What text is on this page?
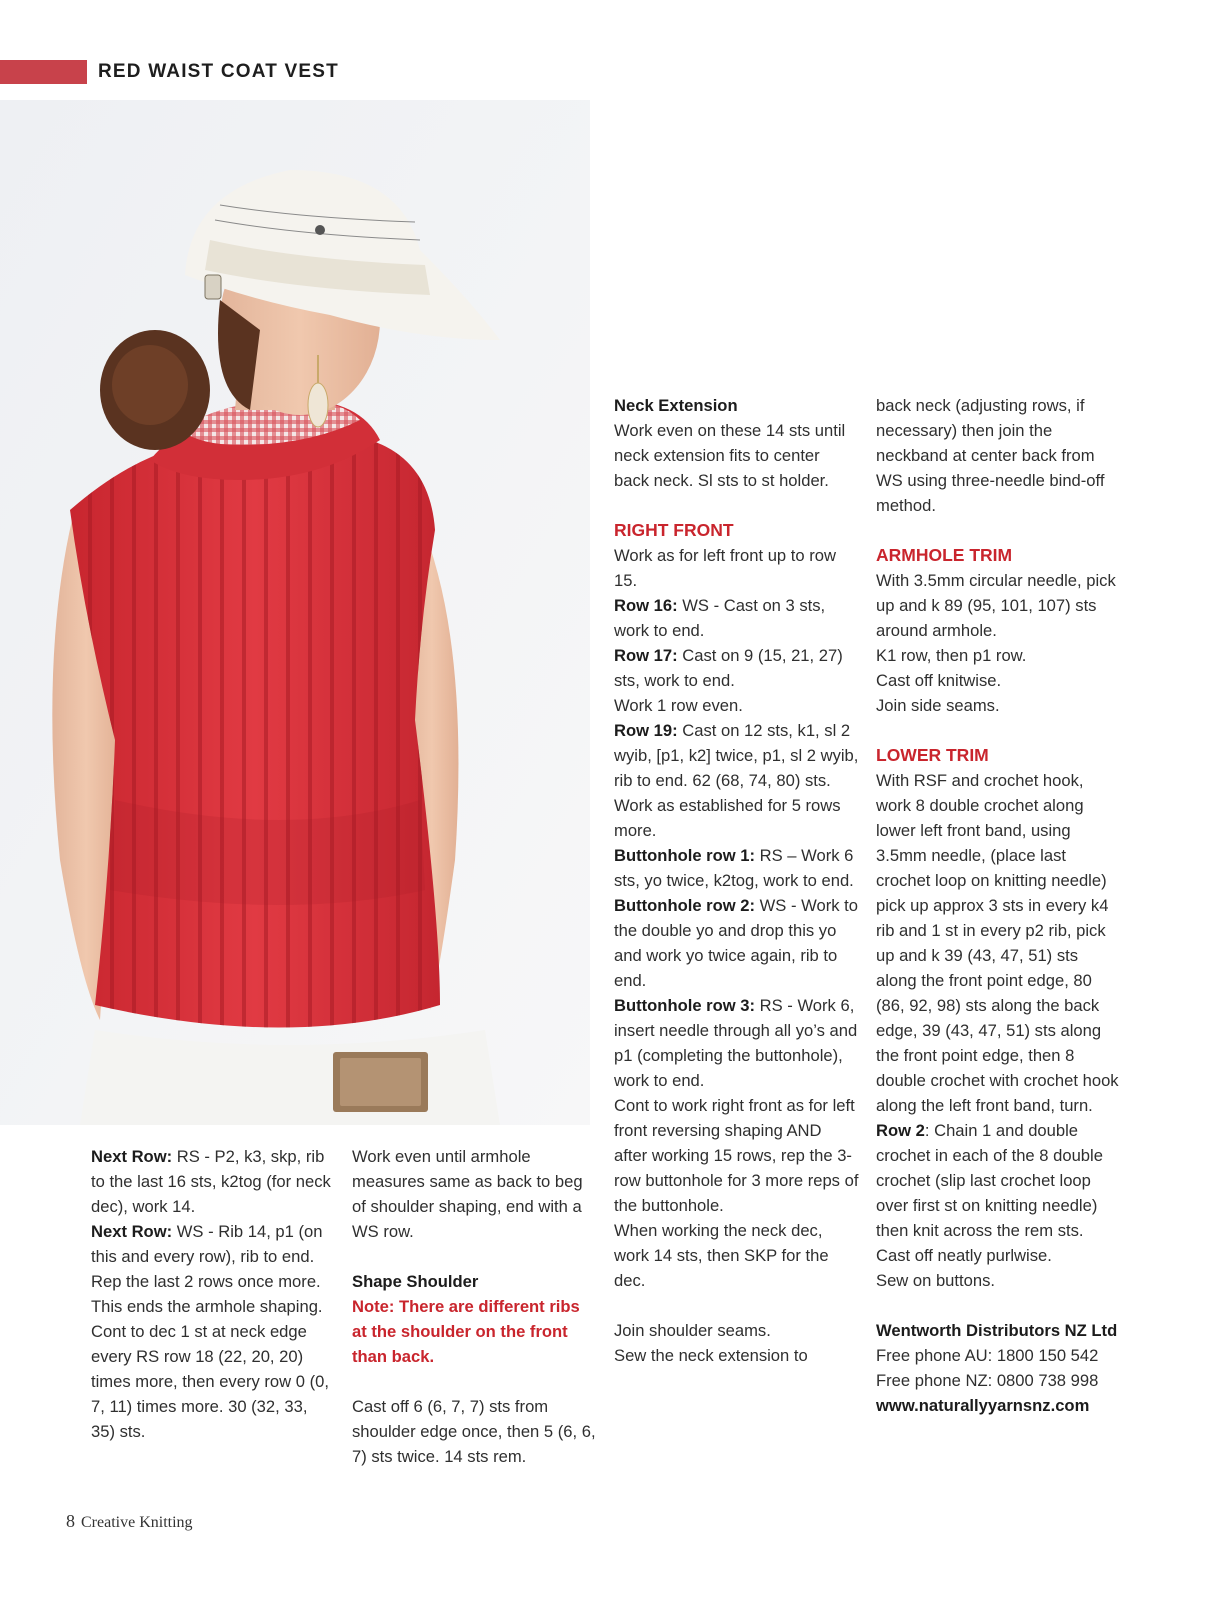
RED WAIST COAT VEST

Next Row: RS - P2, k3, skp, rib to the last 16 sts, k2tog (for neck dec), work 14.

Next Row: WS - Rib 14, p1 (on this and every row), rib to end.

Rep the last 2 rows once more. This ends the armhole shaping.

Cont to dec 1 st at neck edge every RS row 18 (22, 20, 20) times more, then every row 0 (0, 7, 11) times more. 30 (32, 33, 35) sts.

Work even until armhole measures same as back to beg of shoulder shaping, end with a WS row.

Shape Shoulder

Note: There are different ribs at the shoulder on the front than back.

Cast off 6 (6, 7, 7) sts from shoulder edge once, then 5 (6, 6, 7) sts twice. 14 sts rem.

Neck Extension

Work even on these 14 sts until neck extension fits to center back neck. Sl sts to st holder.

RIGHT FRONT

Work as for left front up to row 15.

Row 16: WS - Cast on 3 sts, work to end.

Row 17: Cast on 9 (15, 21, 27) sts, work to end.

Work 1 row even.

Row 19: Cast on 12 sts, k1, sl 2 wyib, [p1, k2] twice, p1, sl 2 wyib, rib to end. 62 (68, 74, 80) sts.

Work as established for 5 rows more.

Buttonhole row 1: RS – Work 6 sts, yo twice, k2tog, work to end.

Buttonhole row 2: WS - Work to the double yo and drop this yo and work yo twice again, rib to end.

Buttonhole row 3: RS - Work 6, insert needle through all yo’s and p1 (completing the buttonhole), work to end.

Cont to work right front as for left front reversing shaping AND after working 15 rows, rep the 3-row buttonhole for 3 more reps of the buttonhole.

When working the neck dec, work 14 sts, then SKP for the dec.

Join shoulder seams.

Sew the neck extension to

back neck (adjusting rows, if necessary) then join the neckband at center back from WS using three-needle bind-off method.

ARMHOLE TRIM

With 3.5mm circular needle, pick up and k 89 (95, 101, 107) sts around armhole.

K1 row, then p1 row.

Cast off knitwise.

Join side seams.

LOWER TRIM

With RSF and crochet hook, work 8 double crochet along lower left front band, using 3.5mm needle, (place last crochet loop on knitting needle) pick up approx 3 sts in every k4 rib and 1 st in every p2 rib, pick up and k 39 (43, 47, 51) sts along the front point edge, 80 (86, 92, 98) sts along the back edge, 39 (43, 47, 51) sts along the front point edge, then 8 double crochet with crochet hook along the left front band, turn.

Row 2: Chain 1 and double crochet in each of the 8 double crochet (slip last crochet loop over first st on knitting needle) then knit across the rem sts.

Cast off neatly purlwise.

Sew on buttons.

Wentworth Distributors NZ Ltd

Free phone AU: 1800 150 542

Free phone NZ: 0800 738 998

www.naturallyyarnsnz.com

8 Creative Knitting
